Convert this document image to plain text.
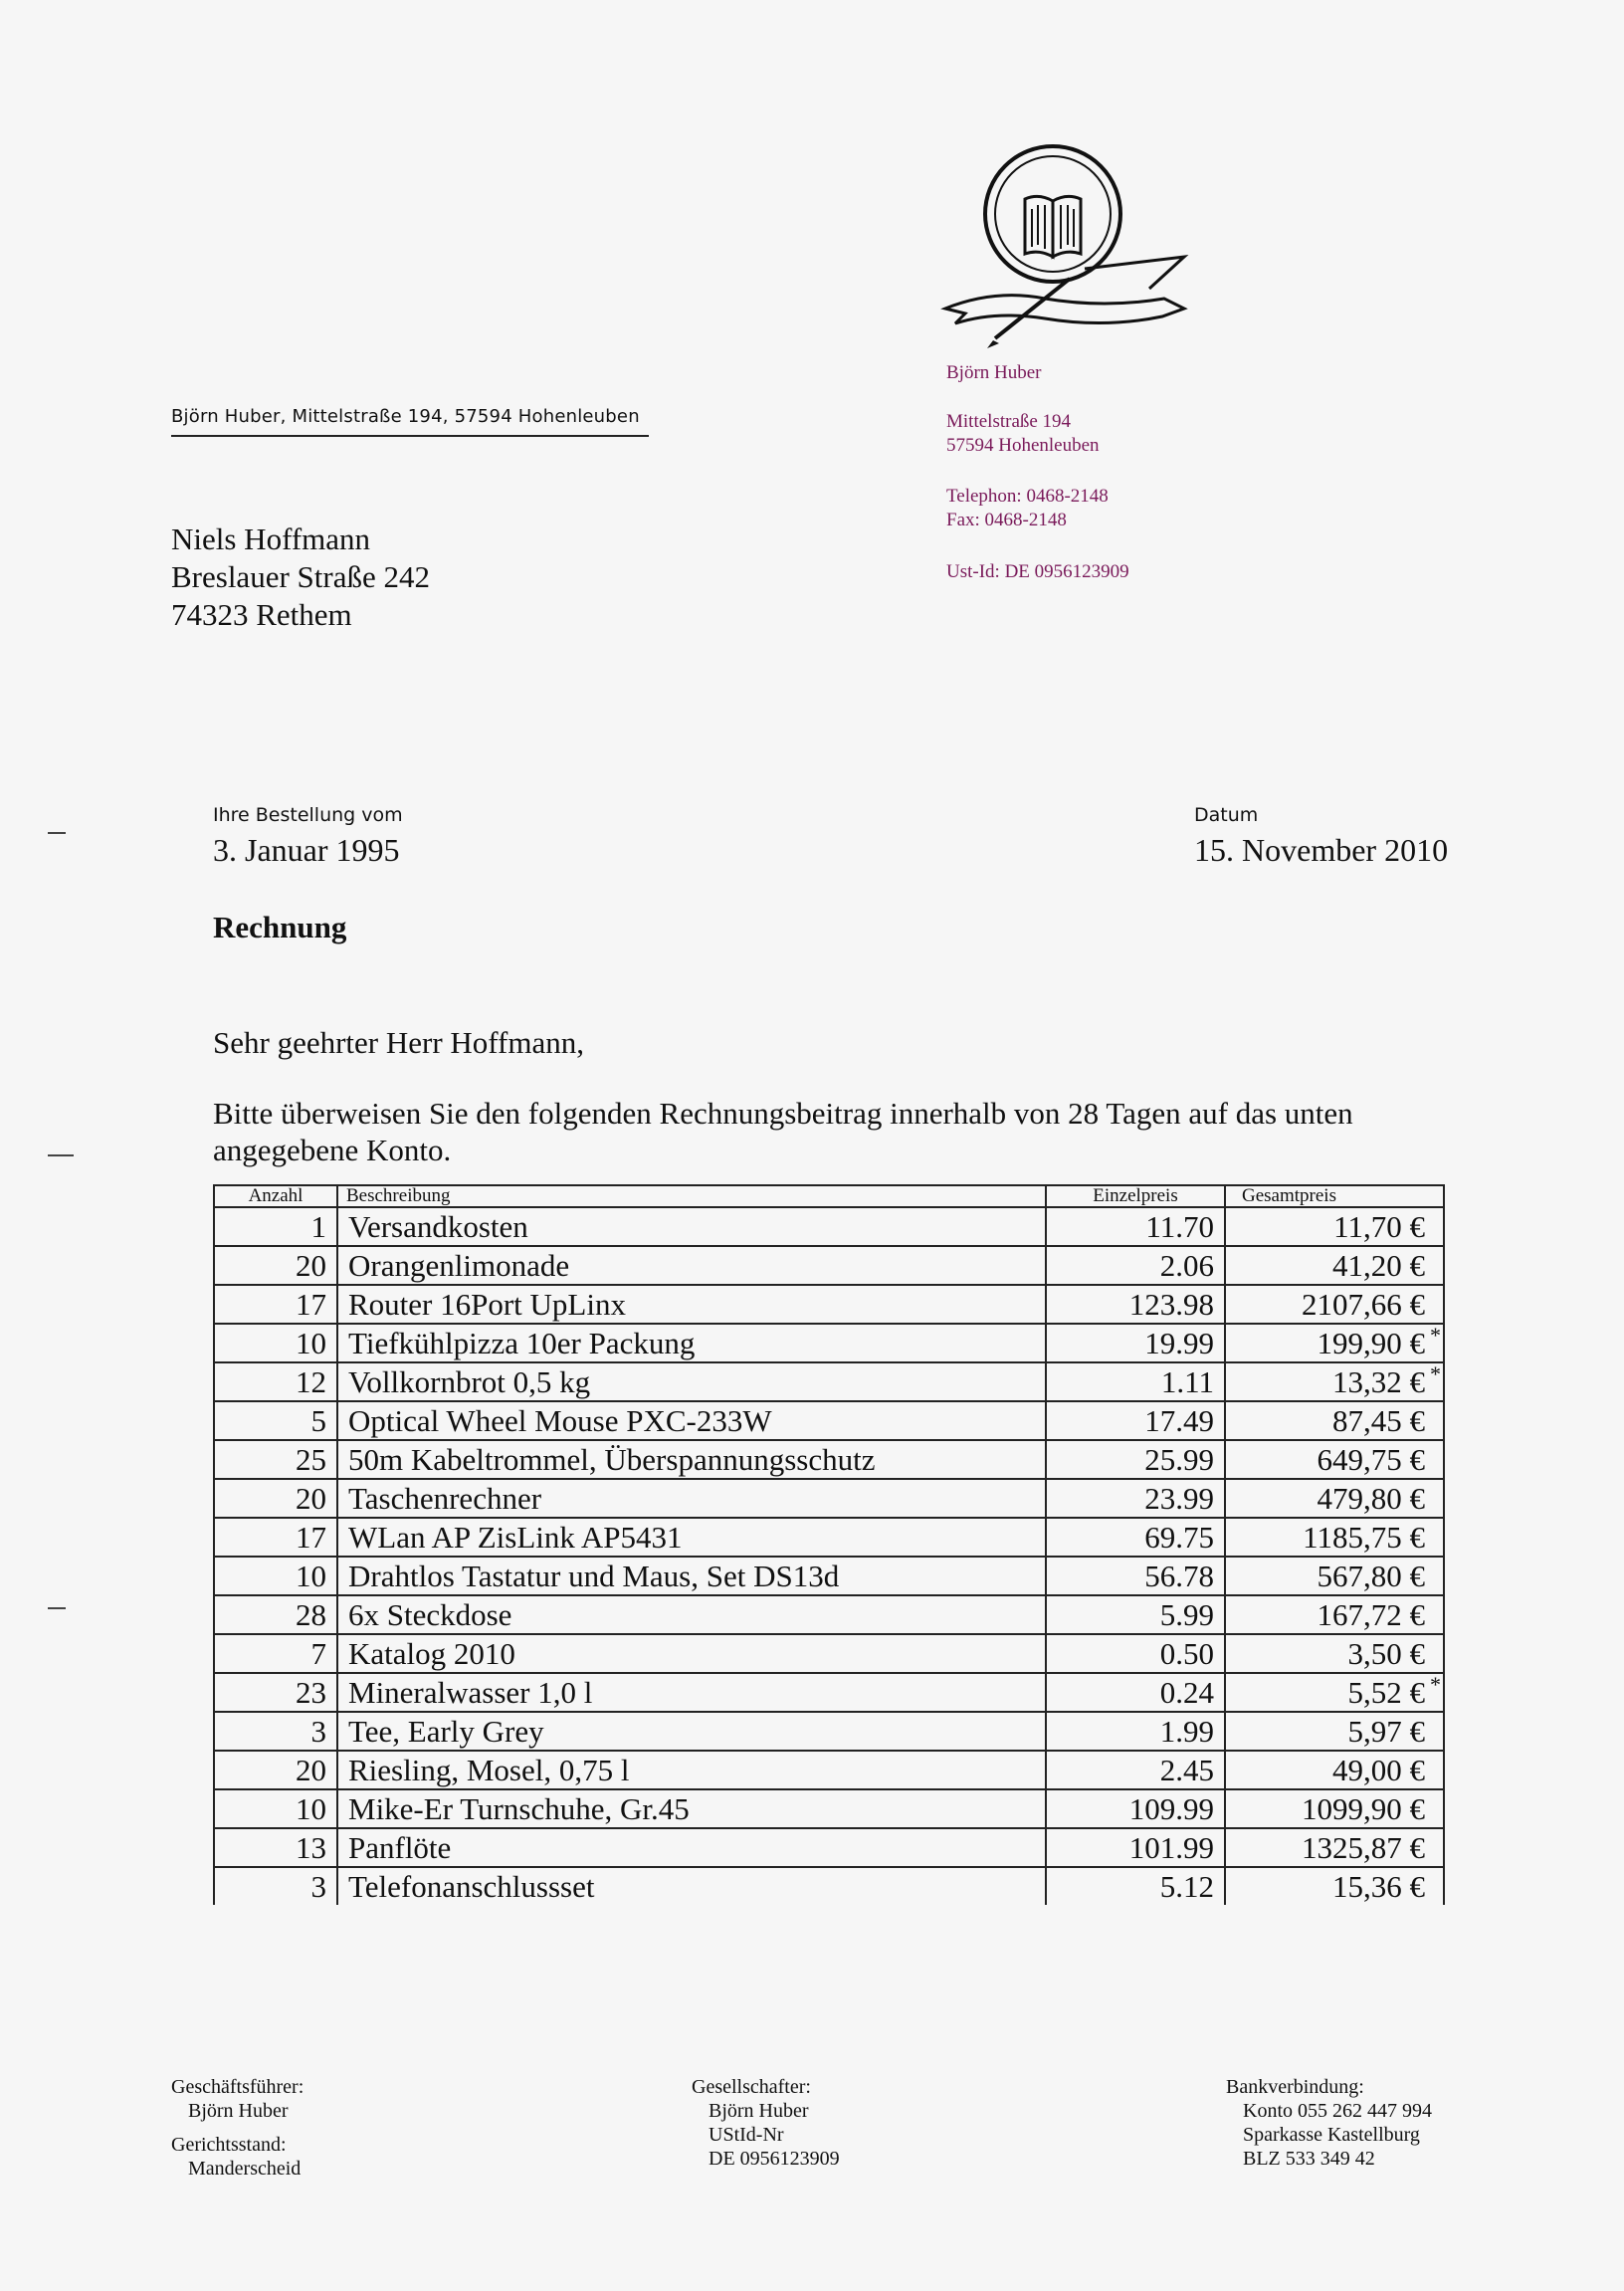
Björn Huber, Mittelstraße 194, 57594 Hohenleuben
Niels Hoffmann
Breslauer Straße 242
74323 Rethem
Björn Huber
Mittelstraße 194
57594 Hohenleuben
Telephon: 0468-2148
Fax: 0468-2148
Ust-Id: DE 0956123909
Ihre Bestellung vom
3. Januar 1995
Datum
15. November 2010
Rechnung
Sehr geehrter Herr Hoffmann,
Bitte überweisen Sie den folgenden Rechnungsbeitrag innerhalb von 28 Tagen auf das unten angegebene Konto.
Anzahl	Beschreibung	Einzelpreis	Gesamtpreis
1	Versandkosten	11.70	11,70 €

20	Orangenlimonade	2.06	41,20 €

17	Router 16Port UpLinx	123.98	2107,66 €

10	Tiefkühlpizza 10er Packung	19.99	199,90 € *

12	Vollkornbrot 0,5 kg	1.11	13,32 € *

5	Optical Wheel Mouse PXC-233W	17.49	87,45 €

25	50m Kabeltrommel, Überspannungsschutz	25.99	649,75 €

20	Taschenrechner	23.99	479,80 €

17	WLan AP ZisLink AP5431	69.75	1185,75 €

10	Drahtlos Tastatur und Maus, Set DS13d	56.78	567,80 €

28	6x Steckdose	5.99	167,72 €

7	Katalog 2010	0.50	3,50 €

23	Mineralwasser 1,0 l	0.24	5,52 € *

3	Tee, Early Grey	1.99	5,97 €

20	Riesling, Mosel, 0,75 l	2.45	49,00 €

10	Mike-Er Turnschuhe, Gr.45	109.99	1099,90 €

13	Panflöte	101.99	1325,87 €

3	Telefonanschlussset	5.12	15,36 €
Geschäftsführer:
Björn Huber
Gerichtsstand:
Manderscheid
Gesellschafter:
Björn Huber
UStId-Nr
DE 0956123909
Bankverbindung:
Konto 055 262 447 994
Sparkasse Kastellburg
BLZ 533 349 42
